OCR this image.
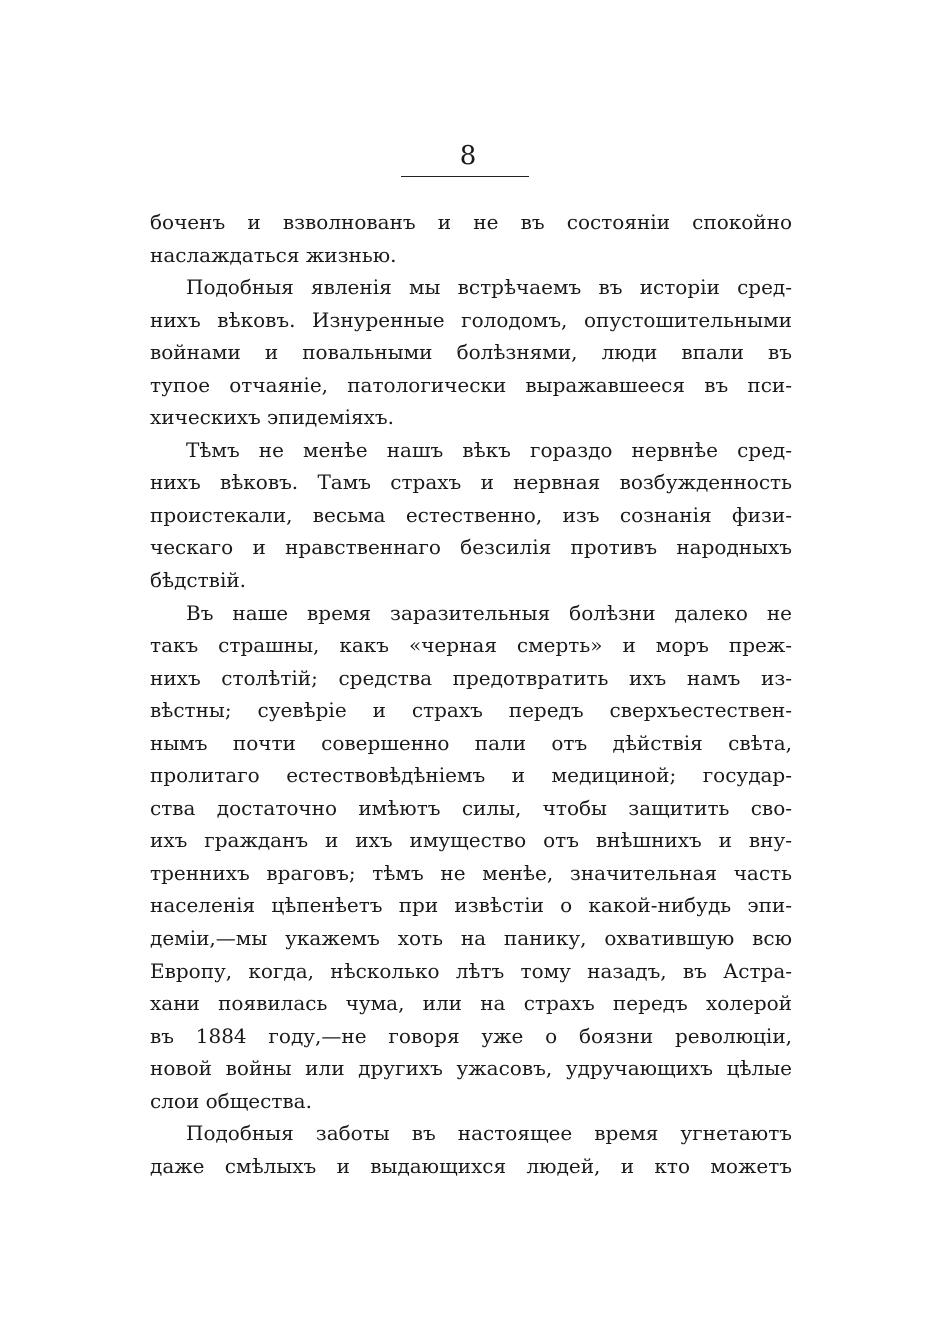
8

боченъ и взволнованъ и не въ состоянiи спокойно
наслаждаться жизнью.

Подобныя явленiя мы встрѣчаемъ въ исторiи сред-
нихъ вѣковъ. Изнуренные голодомъ, опустошительными
войнами и повальными болѣзнями, люди впали въ
тупое отчаянiе, патологически выражавшееся въ пси-
хическихъ эпидемiяхъ.

Тѣмъ не менѣе нашъ вѣкъ гораздо нервнѣе сред-
нихъ вѣковъ. Тамъ страхъ и нервная возбужденность
проистекали, весьма естественно, изъ сознанiя физи-
ческаго и нравственнаго безсилiя противъ народныхъ
бѣдствiй.

Въ наше время заразительныя болѣзни далеко не
такъ страшны, какъ «черная смерть» и моръ преж-
нихъ столѣтiй; средства предотвратить ихъ намъ из-
вѣстны; суевѣрiе и страхъ передъ сверхъестествен-
нымъ почти совершенно пали отъ дѣйствiя свѣта,
пролитаго естествовѣдѣнiемъ и медициной; государ-
ства достаточно имѣютъ силы, чтобы защитить сво-
ихъ гражданъ и ихъ имущество отъ внѣшнихъ и вну-
треннихъ враговъ; тѣмъ не менѣе, значительная часть
населенiя цѣпенѣетъ при извѣстiи о какой-нибудь эпи-
демiи,—мы укажемъ хоть на панику, охватившую всю
Европу, когда, нѣсколько лѣтъ тому назадъ, въ Астра-
хани появилась чума, или на страхъ передъ холерой
въ 1884 году,—не говоря уже о боязни революцiи,
новой войны или другихъ ужасовъ, удручающихъ цѣлые
слои общества.

Подобныя заботы въ настоящее время угнетаютъ
даже смѣлыхъ и выдающихся людей, и кто можетъ
